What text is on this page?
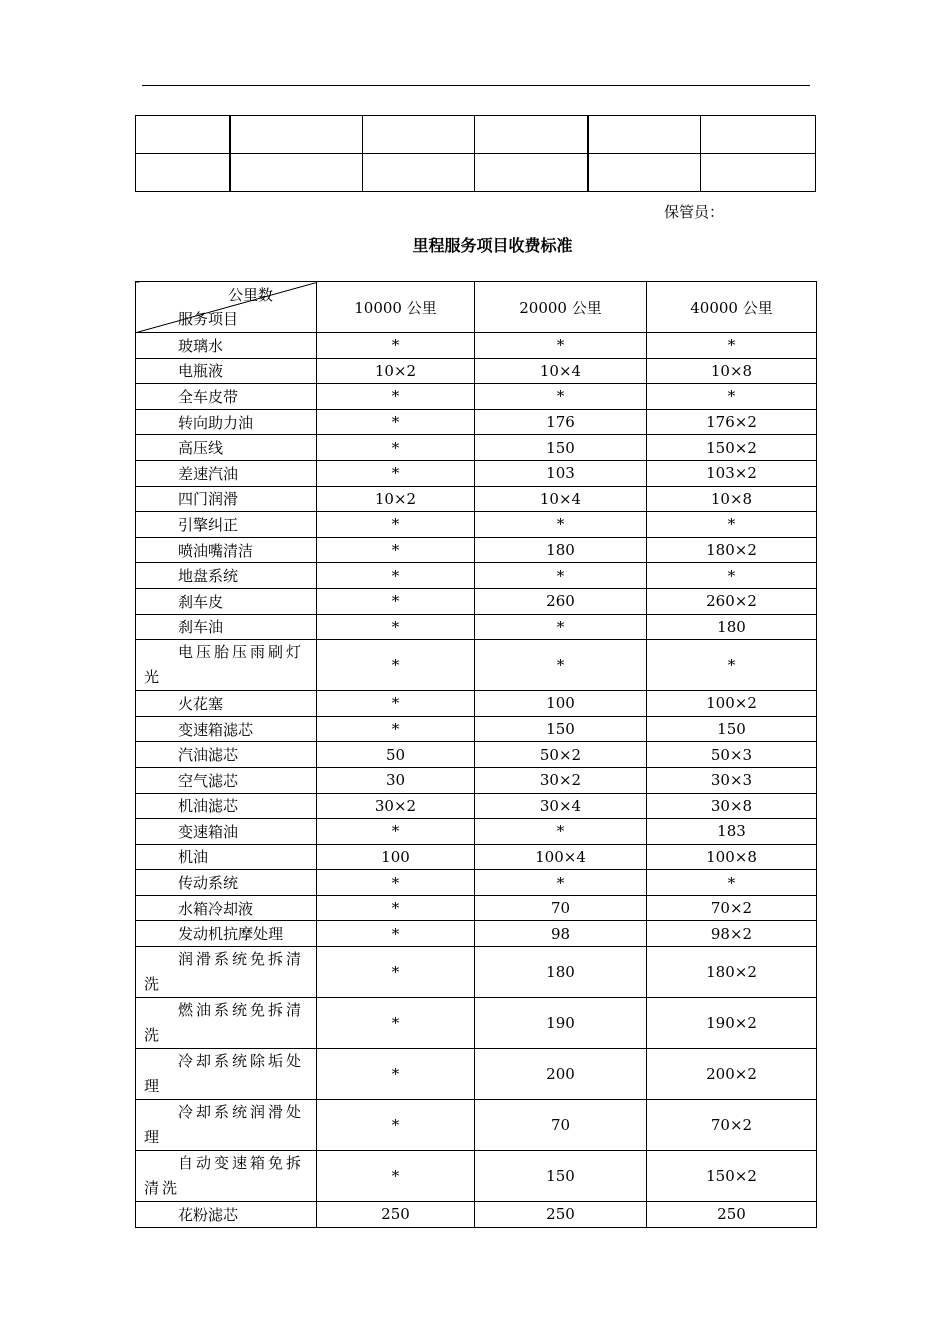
保管员：
里程服务项目收费标准
公里数
服务项目	10000 公里	20000 公里	40000 公里
玻璃水	*	*	*
电瓶液	10×2	10×4	10×8
全车皮带	*	*	*
转向助力油	*	176	176×2
高压线	*	150	150×2
差速汽油	*	103	103×2
四门润滑	10×2	10×4	10×8
引擎纠正	*	*	*
喷油嘴清洁	*	180	180×2
地盘系统	*	*	*
刹车皮	*	260	260×2
刹车油	*	*	180
电压胎压雨刷灯光	*	*	*
火花塞	*	100	100×2
变速箱滤芯	*	150	150
汽油滤芯	50	50×2	50×3
空气滤芯	30	30×2	30×3
机油滤芯	30×2	30×4	30×8
变速箱油	*	*	183
机油	100	100×4	100×8
传动系统	*	*	*
水箱冷却液	*	70	70×2
发动机抗摩处理	*	98	98×2
润滑系统免拆清洗	*	180	180×2
燃油系统免拆清洗	*	190	190×2
冷却系统除垢处理	*	200	200×2
冷却系统润滑处理	*	70	70×2
自动变速箱免拆清洗	*	150	150×2
花粉滤芯	250	250	250
